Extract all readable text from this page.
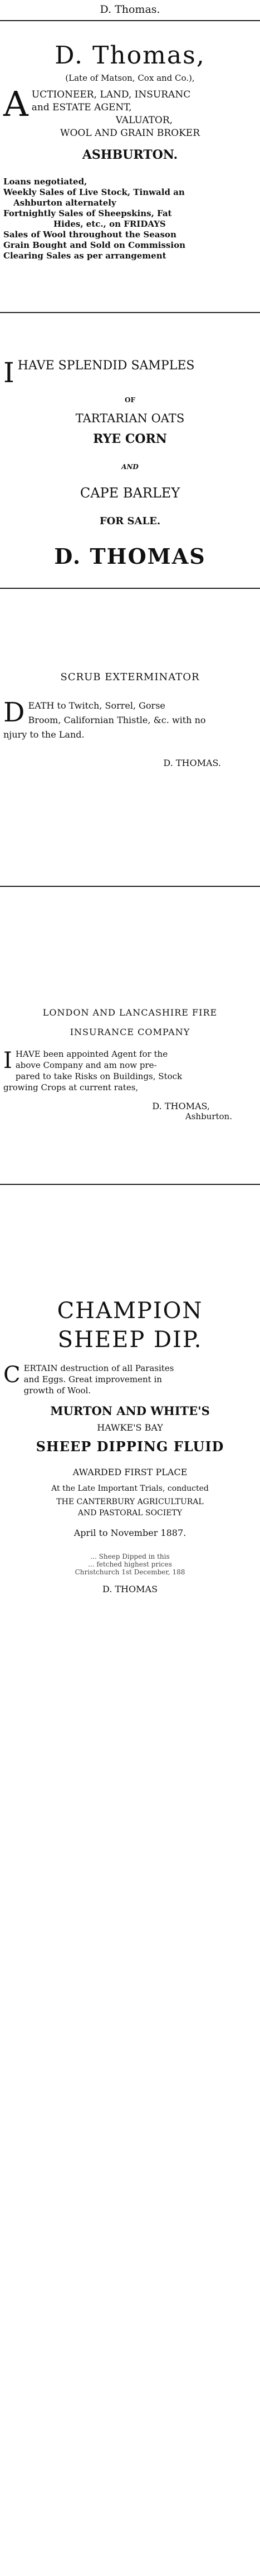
D. Thomas.
D. Thomas,
(Late of Matson, Cox and Co.),
A UCTIONEER, LAND, INSURANC
and ESTATE AGENT,
VALUATOR,
WOOL AND GRAIN BROKER
ASHBURTON.
Loans negotiated,
Weekly Sales of Live Stock, Tinwald an
Ashburton alternately
Fortnightly Sales of Sheepskins, Fat
Hides, etc., on FRIDAYS
Sales of Wool throughout the Season
Grain Bought and Sold on Commission
Clearing Sales as per arrangement
I HAVE SPLENDID SAMPLES
OF
TARTARIAN OATS
RYE CORN
AND
CAPE BARLEY
FOR SALE.
D. THOMAS
SCRUB EXTERMINATOR
D EATH to Twitch, Sorrel, Gorse
Broom, Californian Thistle, &c. with no
njury to the Land.
D. THOMAS.
LONDON AND LANCASHIRE FIRE
INSURANCE COMPANY
I HAVE been appointed Agent for the
above Company and am now pre-
pared to take Risks on Buildings, Stock
growing Crops at current rates,
D. THOMAS,
Ashburton.
CHAMPION
SHEEP DIP.
C ERTAIN destruction of all Parasites
and Eggs. Great improvement in
growth of Wool.
MURTON AND WHITE'S
HAWKE'S BAY
SHEEP DIPPING FLUID
AWARDED FIRST PLACE
At the Late Important Trials, conducted
THE CANTERBURY AGRICULTURAL
AND PASTORAL SOCIETY
April to November 1887.
... Sheep Dipped in this
... fetched highest prices
Christchurch 1st December, 188
D. THOMAS
